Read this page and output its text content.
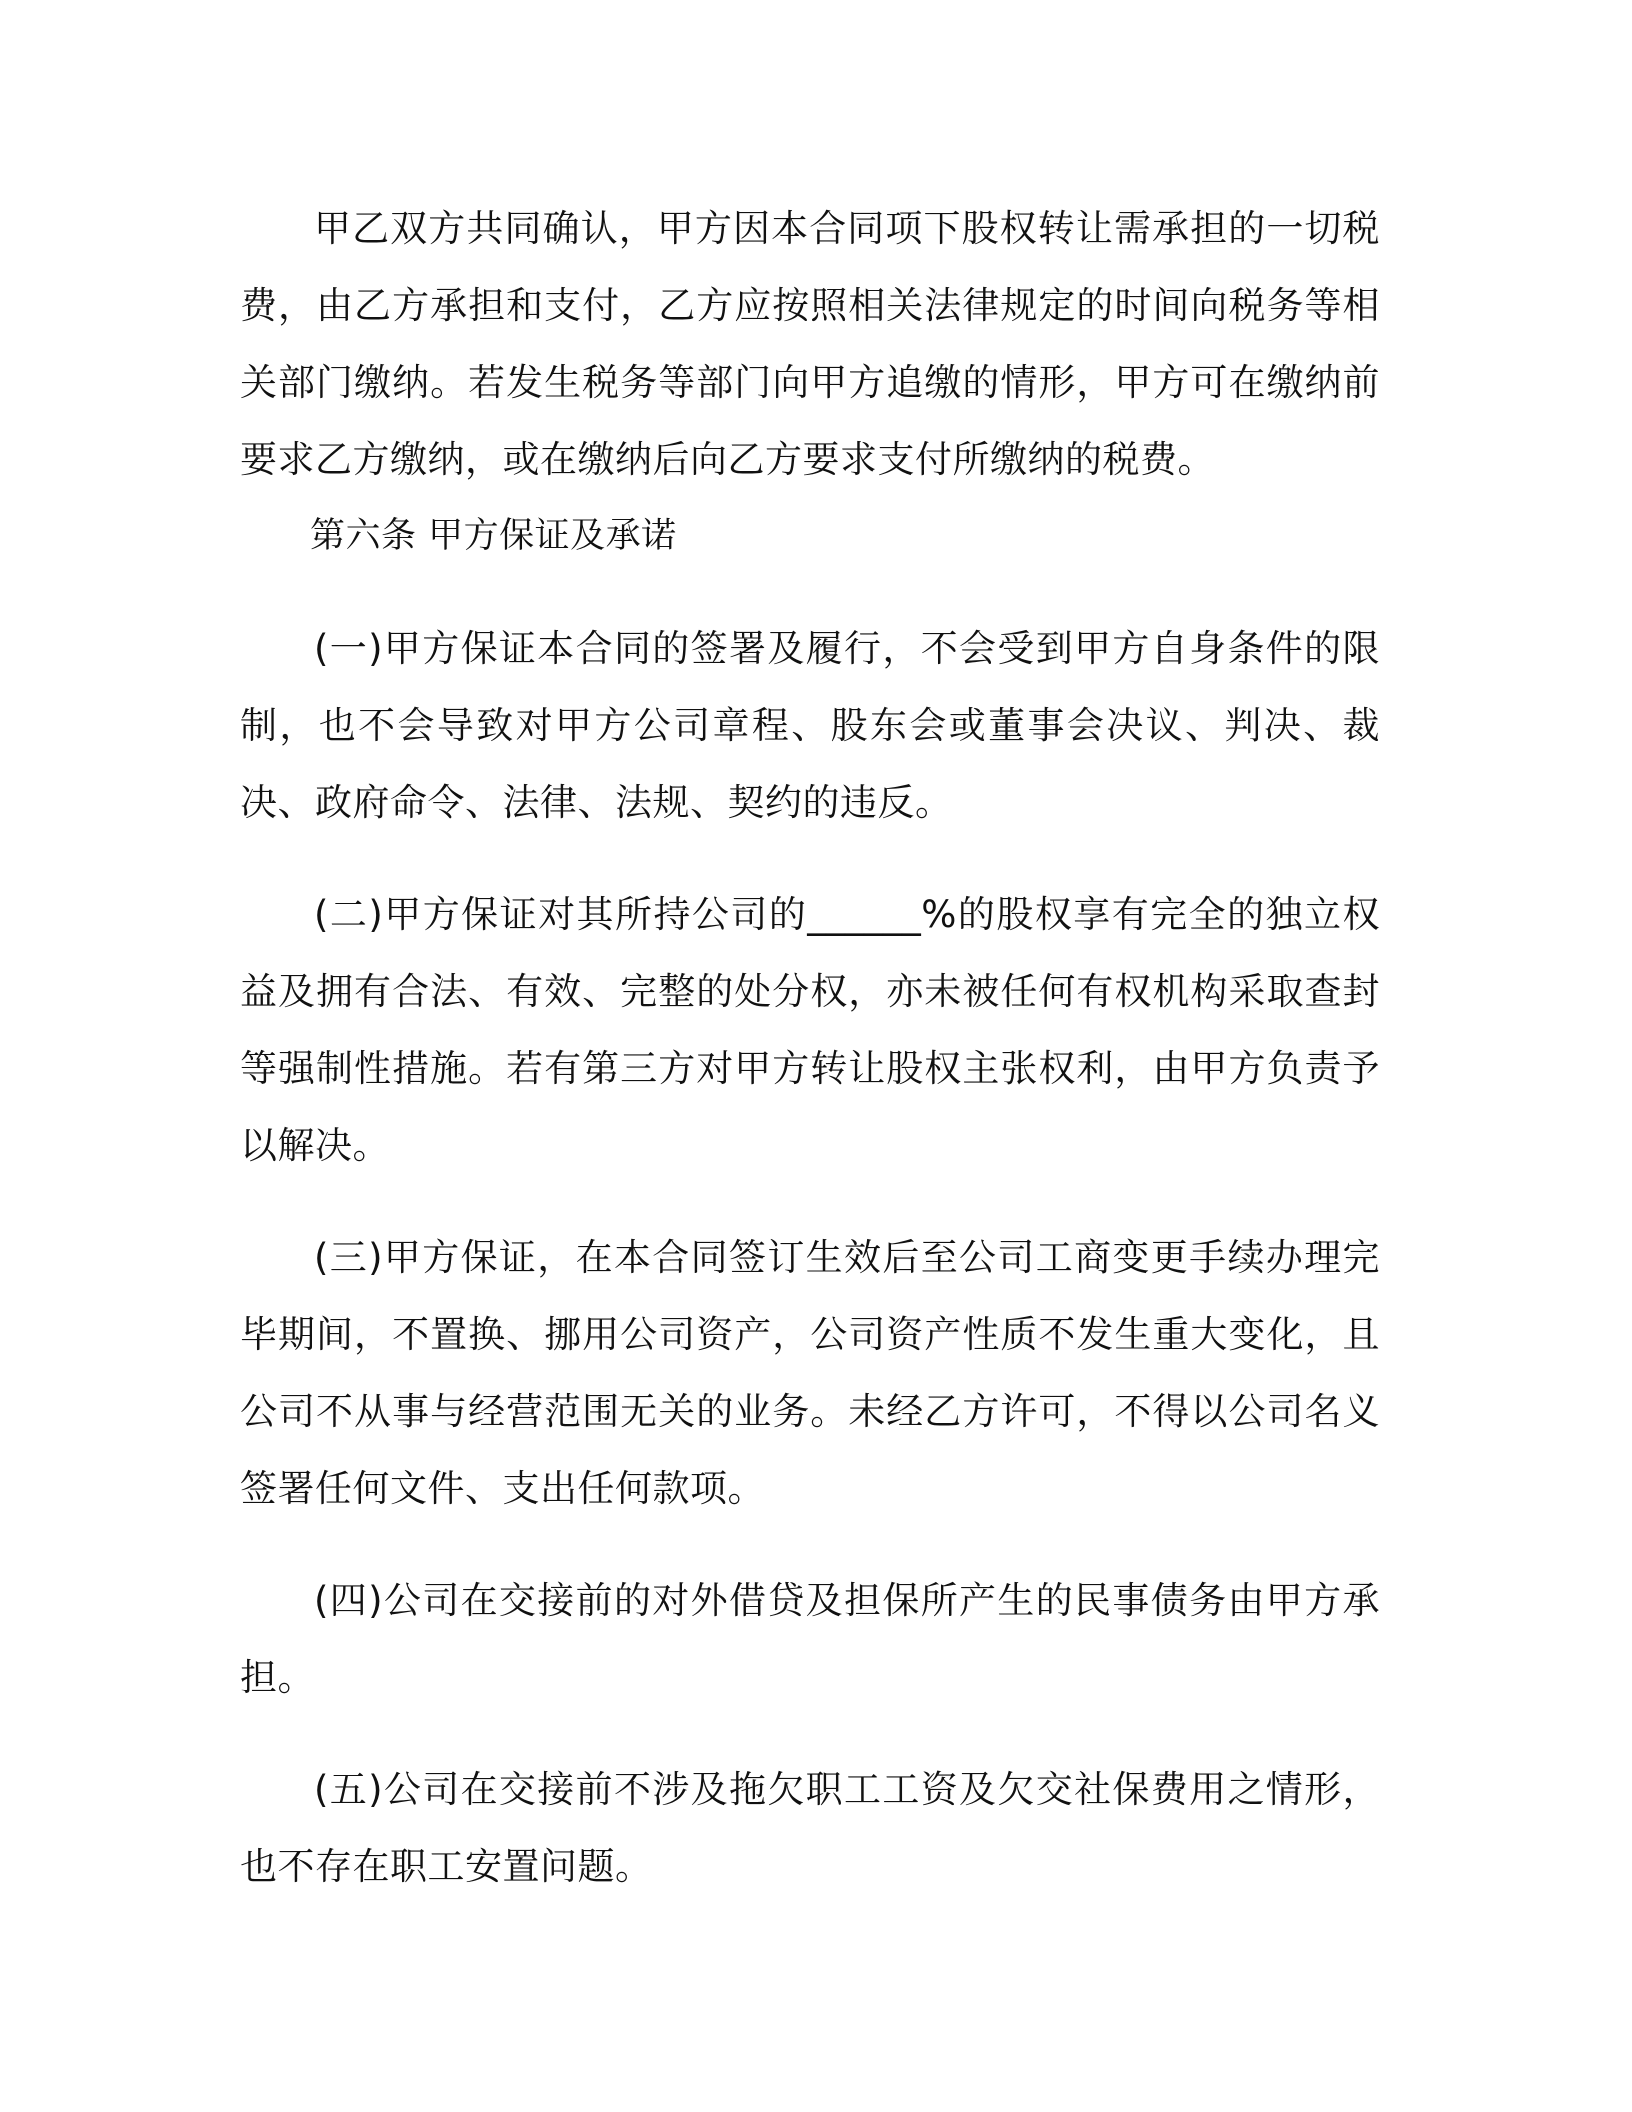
甲乙双方共同确认，甲方因本合同项下股权转让需承担的一切税费，由乙方承担和支付，乙方应按照相关法律规定的时间向税务等相关部门缴纳。若发生税务等部门向甲方追缴的情形，甲方可在缴纳前要求乙方缴纳，或在缴纳后向乙方要求支付所缴纳的税费。

第六条 甲方保证及承诺

(一)甲方保证本合同的签署及履行，不会受到甲方自身条件的限制，也不会导致对甲方公司章程、股东会或董事会决议、判决、裁决、政府命令、法律、法规、契约的违反。

(二)甲方保证对其所持公司的______%的股权享有完全的独立权益及拥有合法、有效、完整的处分权，亦未被任何有权机构采取查封等强制性措施。若有第三方对甲方转让股权主张权利，由甲方负责予以解决。

(三)甲方保证，在本合同签订生效后至公司工商变更手续办理完毕期间，不置换、挪用公司资产，公司资产性质不发生重大变化，且公司不从事与经营范围无关的业务。未经乙方许可，不得以公司名义签署任何文件、支出任何款项。

(四)公司在交接前的对外借贷及担保所产生的民事债务由甲方承担。

(五)公司在交接前不涉及拖欠职工工资及欠交社保费用之情形，也不存在职工安置问题。
